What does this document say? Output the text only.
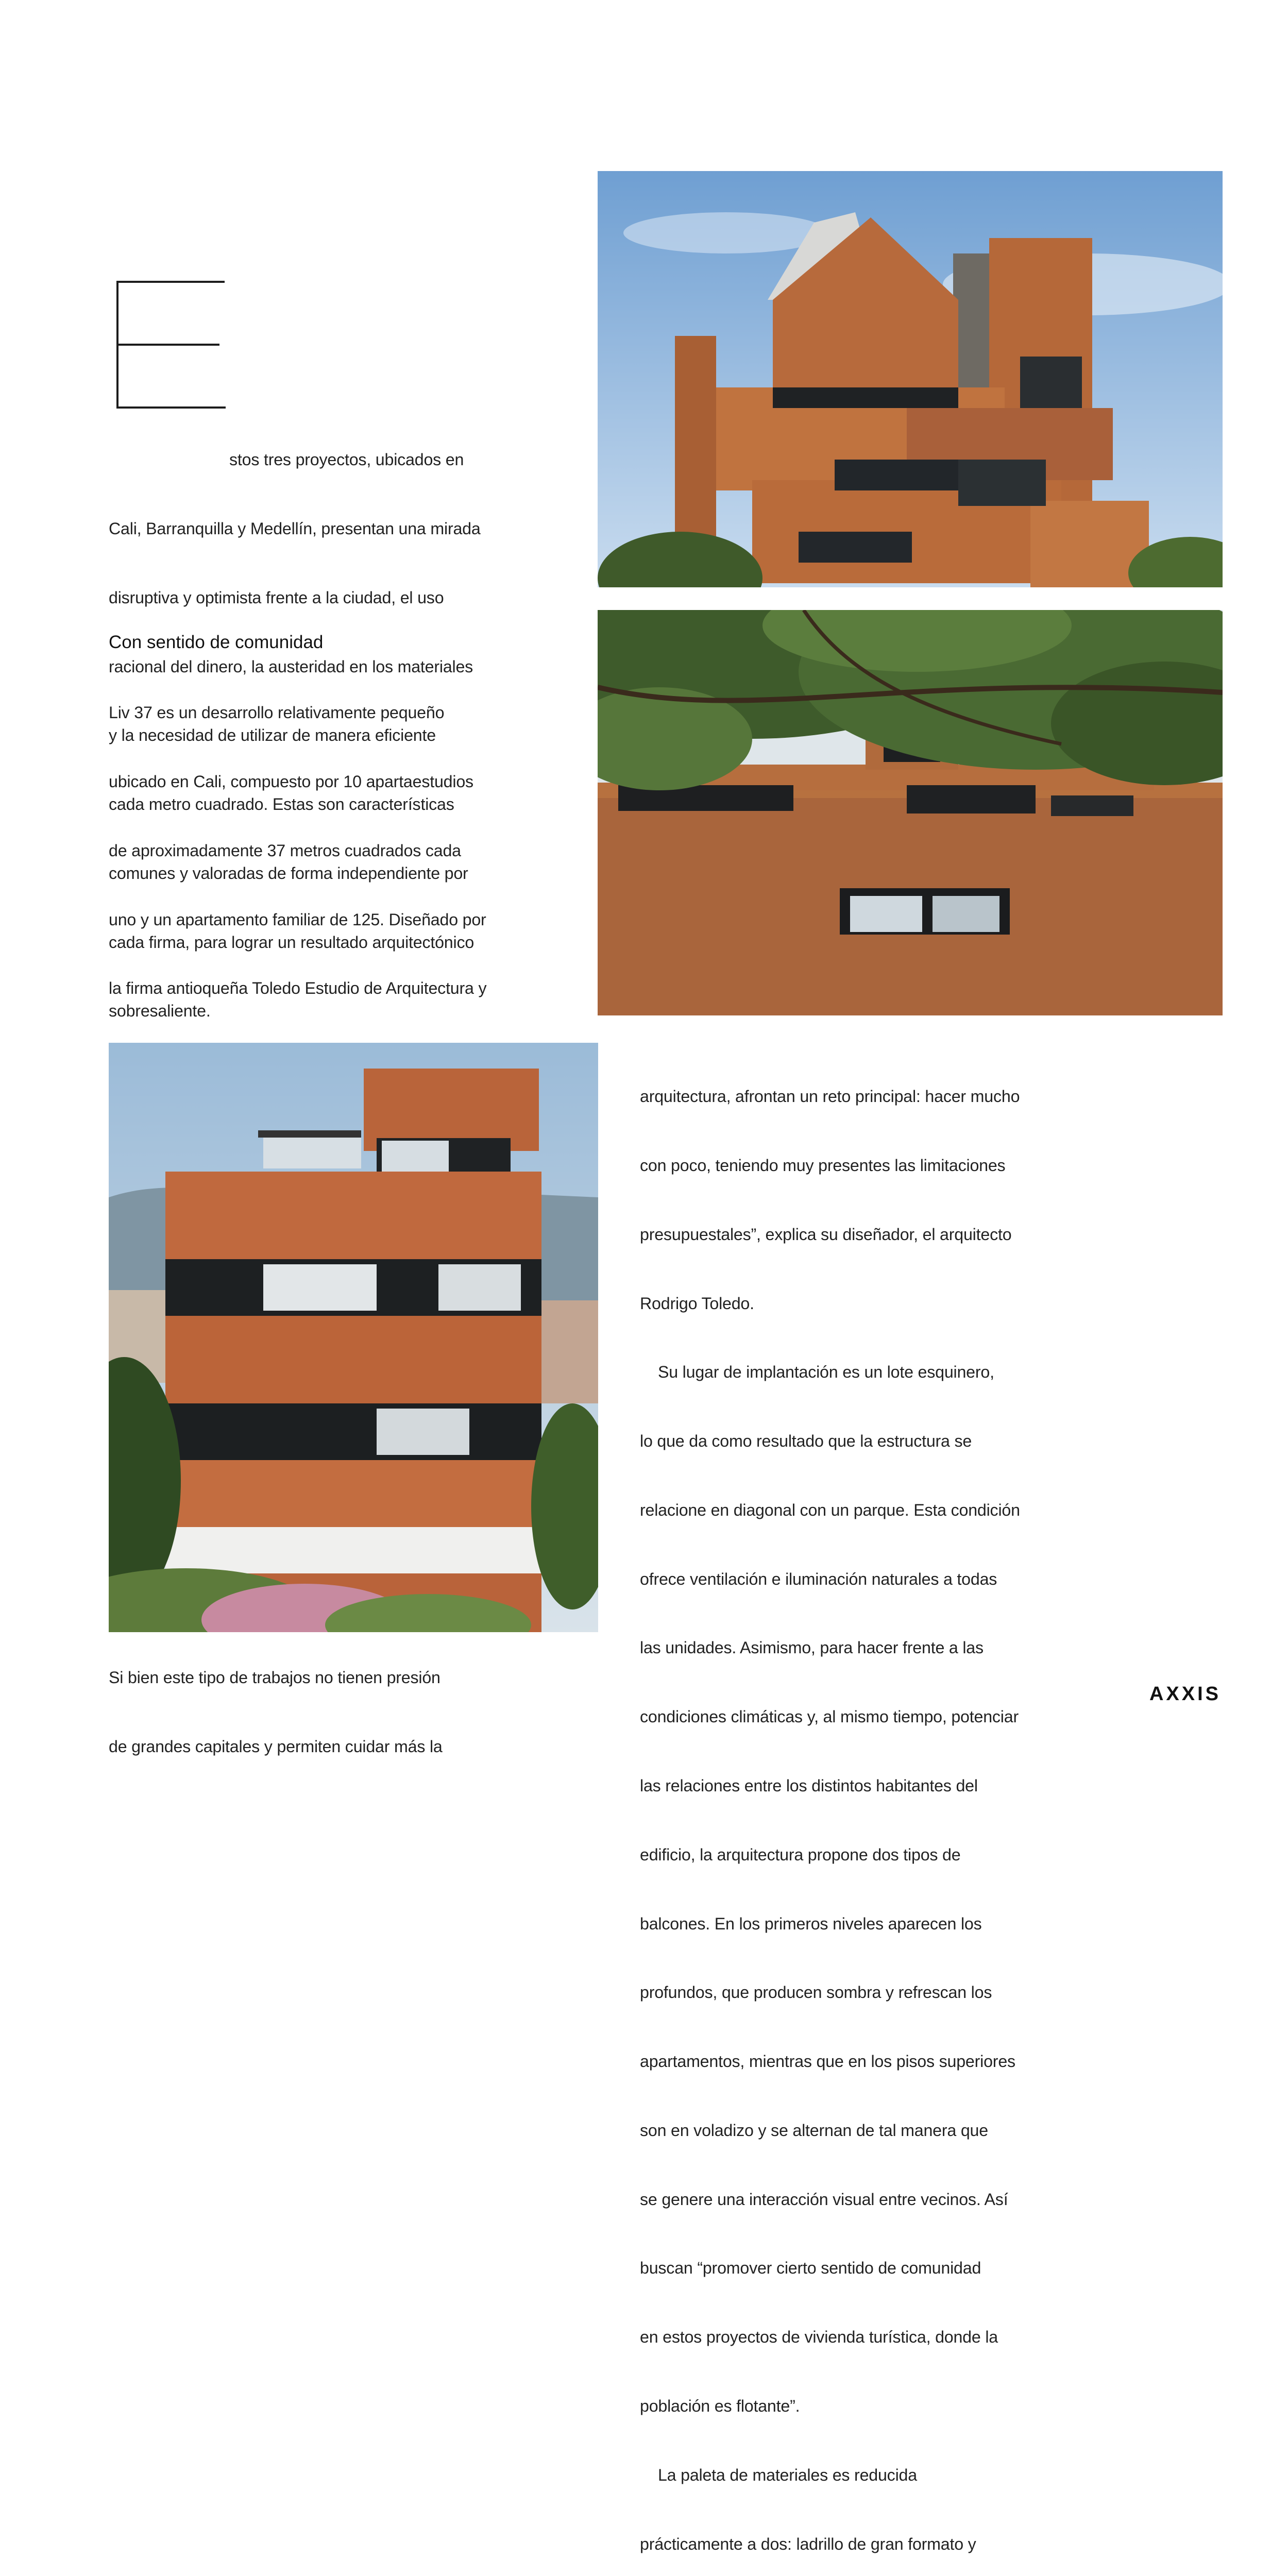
stos tres proyectos, ubicados en

Cali, Barranquilla y Medellín, presentan una mirada

disruptiva y optimista frente a la ciudad, el uso

racional del dinero, la austeridad en los materiales

y la necesidad de utilizar de manera eficiente

cada metro cuadrado. Estas son características

comunes y valoradas de forma independiente por

cada firma, para lograr un resultado arquitectónico

sobresaliente.

Con sentido de comunidad

Liv 37 es un desarrollo relativamente pequeño

ubicado en Cali, compuesto por 10 apartaestudios

de aproximadamente 37 metros cuadrados cada

uno y un apartamento familiar de 125. Diseñado por

la firma antioqueña Toledo Estudio de Arquitectura y

Si bien este tipo de trabajos no tienen presión

de grandes capitales y permiten cuidar más la

arquitectura, afrontan un reto principal: hacer mucho

con poco, teniendo muy presentes las limitaciones

presupuestales”, explica su diseñador, el arquitecto

Rodrigo Toledo.

Su lugar de implantación es un lote esquinero,

lo que da como resultado que la estructura se

relacione en diagonal con un parque. Esta condición

ofrece ventilación e iluminación naturales a todas

las unidades. Asimismo, para hacer frente a las

condiciones climáticas y, al mismo tiempo, potenciar

las relaciones entre los distintos habitantes del

edificio, la arquitectura propone dos tipos de

balcones. En los primeros niveles aparecen los

profundos, que producen sombra y refrescan los

apartamentos, mientras que en los pisos superiores

son en voladizo y se alternan de tal manera que

se genere una interacción visual entre vecinos. Así

buscan “promover cierto sentido de comunidad

en estos proyectos de vivienda turística, donde la

población es flotante”.

La paleta de materiales es reducida

prácticamente a dos: ladrillo de gran formato y

AXXIS
